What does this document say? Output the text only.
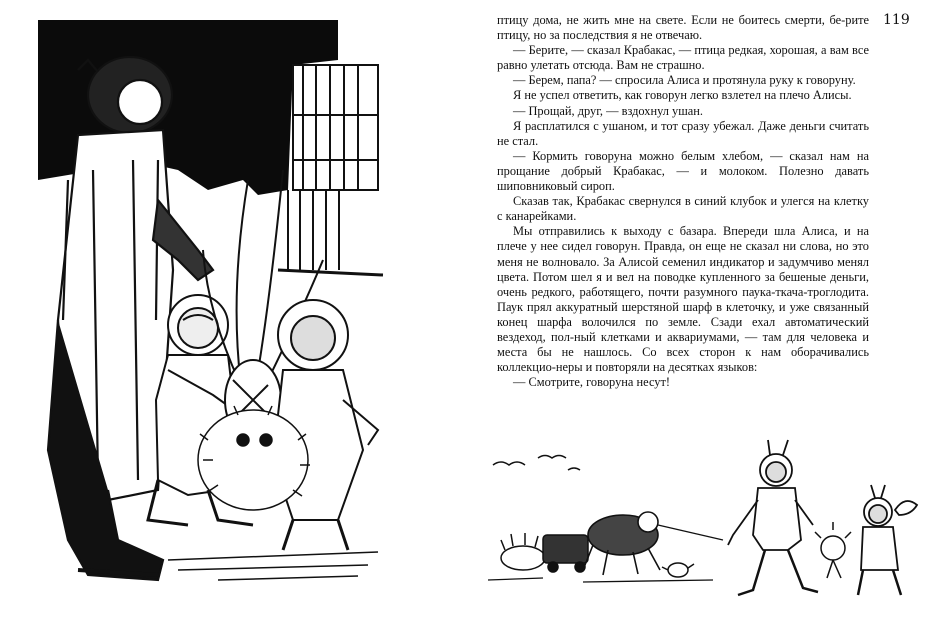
119

птицу дома, не жить мне на свете. Если не боитесь смерти, бе-рите птицу, но за последствия я не отвечаю.

— Берите, — сказал Крабакас, — птица редкая, хорошая, а вам все равно улетать отсюда. Вам не страшно.

— Берем, папа? — спросила Алиса и протянула руку к говоруну.

Я не успел ответить, как говорун легко взлетел на плечо Алисы.

— Прощай, друг, — вздохнул ушан.

Я расплатился с ушаном, и тот сразу убежал. Даже деньги считать не стал.

— Кормить говоруна можно белым хлебом, — сказал нам на прощание добрый Крабакас, — и молоком. Полезно давать шиповниковый сироп.

Сказав так, Крабакас свернулся в синий клубок и улегся на клетку с канарейками.

Мы отправились к выходу с базара. Впереди шла Алиса, и на плече у нее сидел говорун. Правда, он еще не сказал ни слова, но это меня не волновало. За Алисой семенил индикатор и задумчиво менял цвета. Потом шел я и вел на поводке купленного за бешеные деньги, очень редкого, работящего, почти разумного паука-ткача-троглодита. Паук прял аккуратный шерстяной шарф в клеточку, и уже связанный конец шарфа волочился по земле. Сзади ехал автоматический вездеход, пол-ный клетками и аквариумами, — там для человека и места бы не нашлось. Со всех сторон к нам оборачивались коллекцио-неры и повторяли на десятках языков:

— Смотрите, говоруна несут!
